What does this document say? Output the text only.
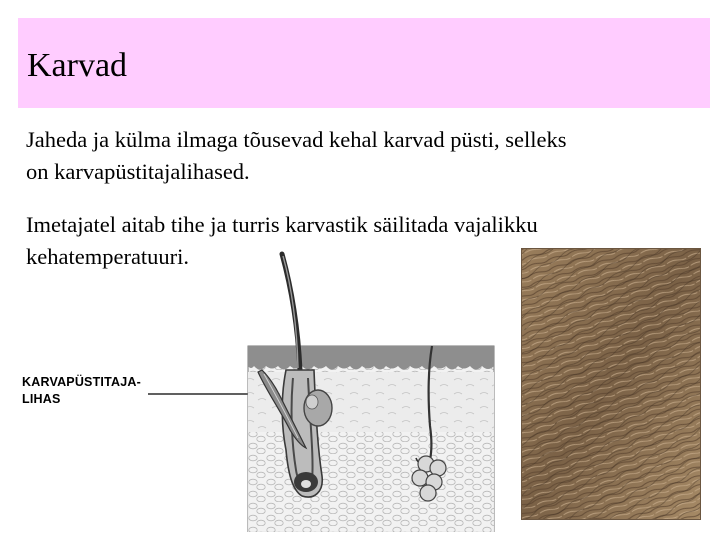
Karvad
Jaheda ja külma ilmaga tõusevad kehal karvad püsti, selleks
on karvapüstitajalihased.
Imetajatel aitab tihe ja turris karvastik säilitada vajalikku
kehatemperatuuri.
KARVAPÜSTITAJA-
LIHAS
